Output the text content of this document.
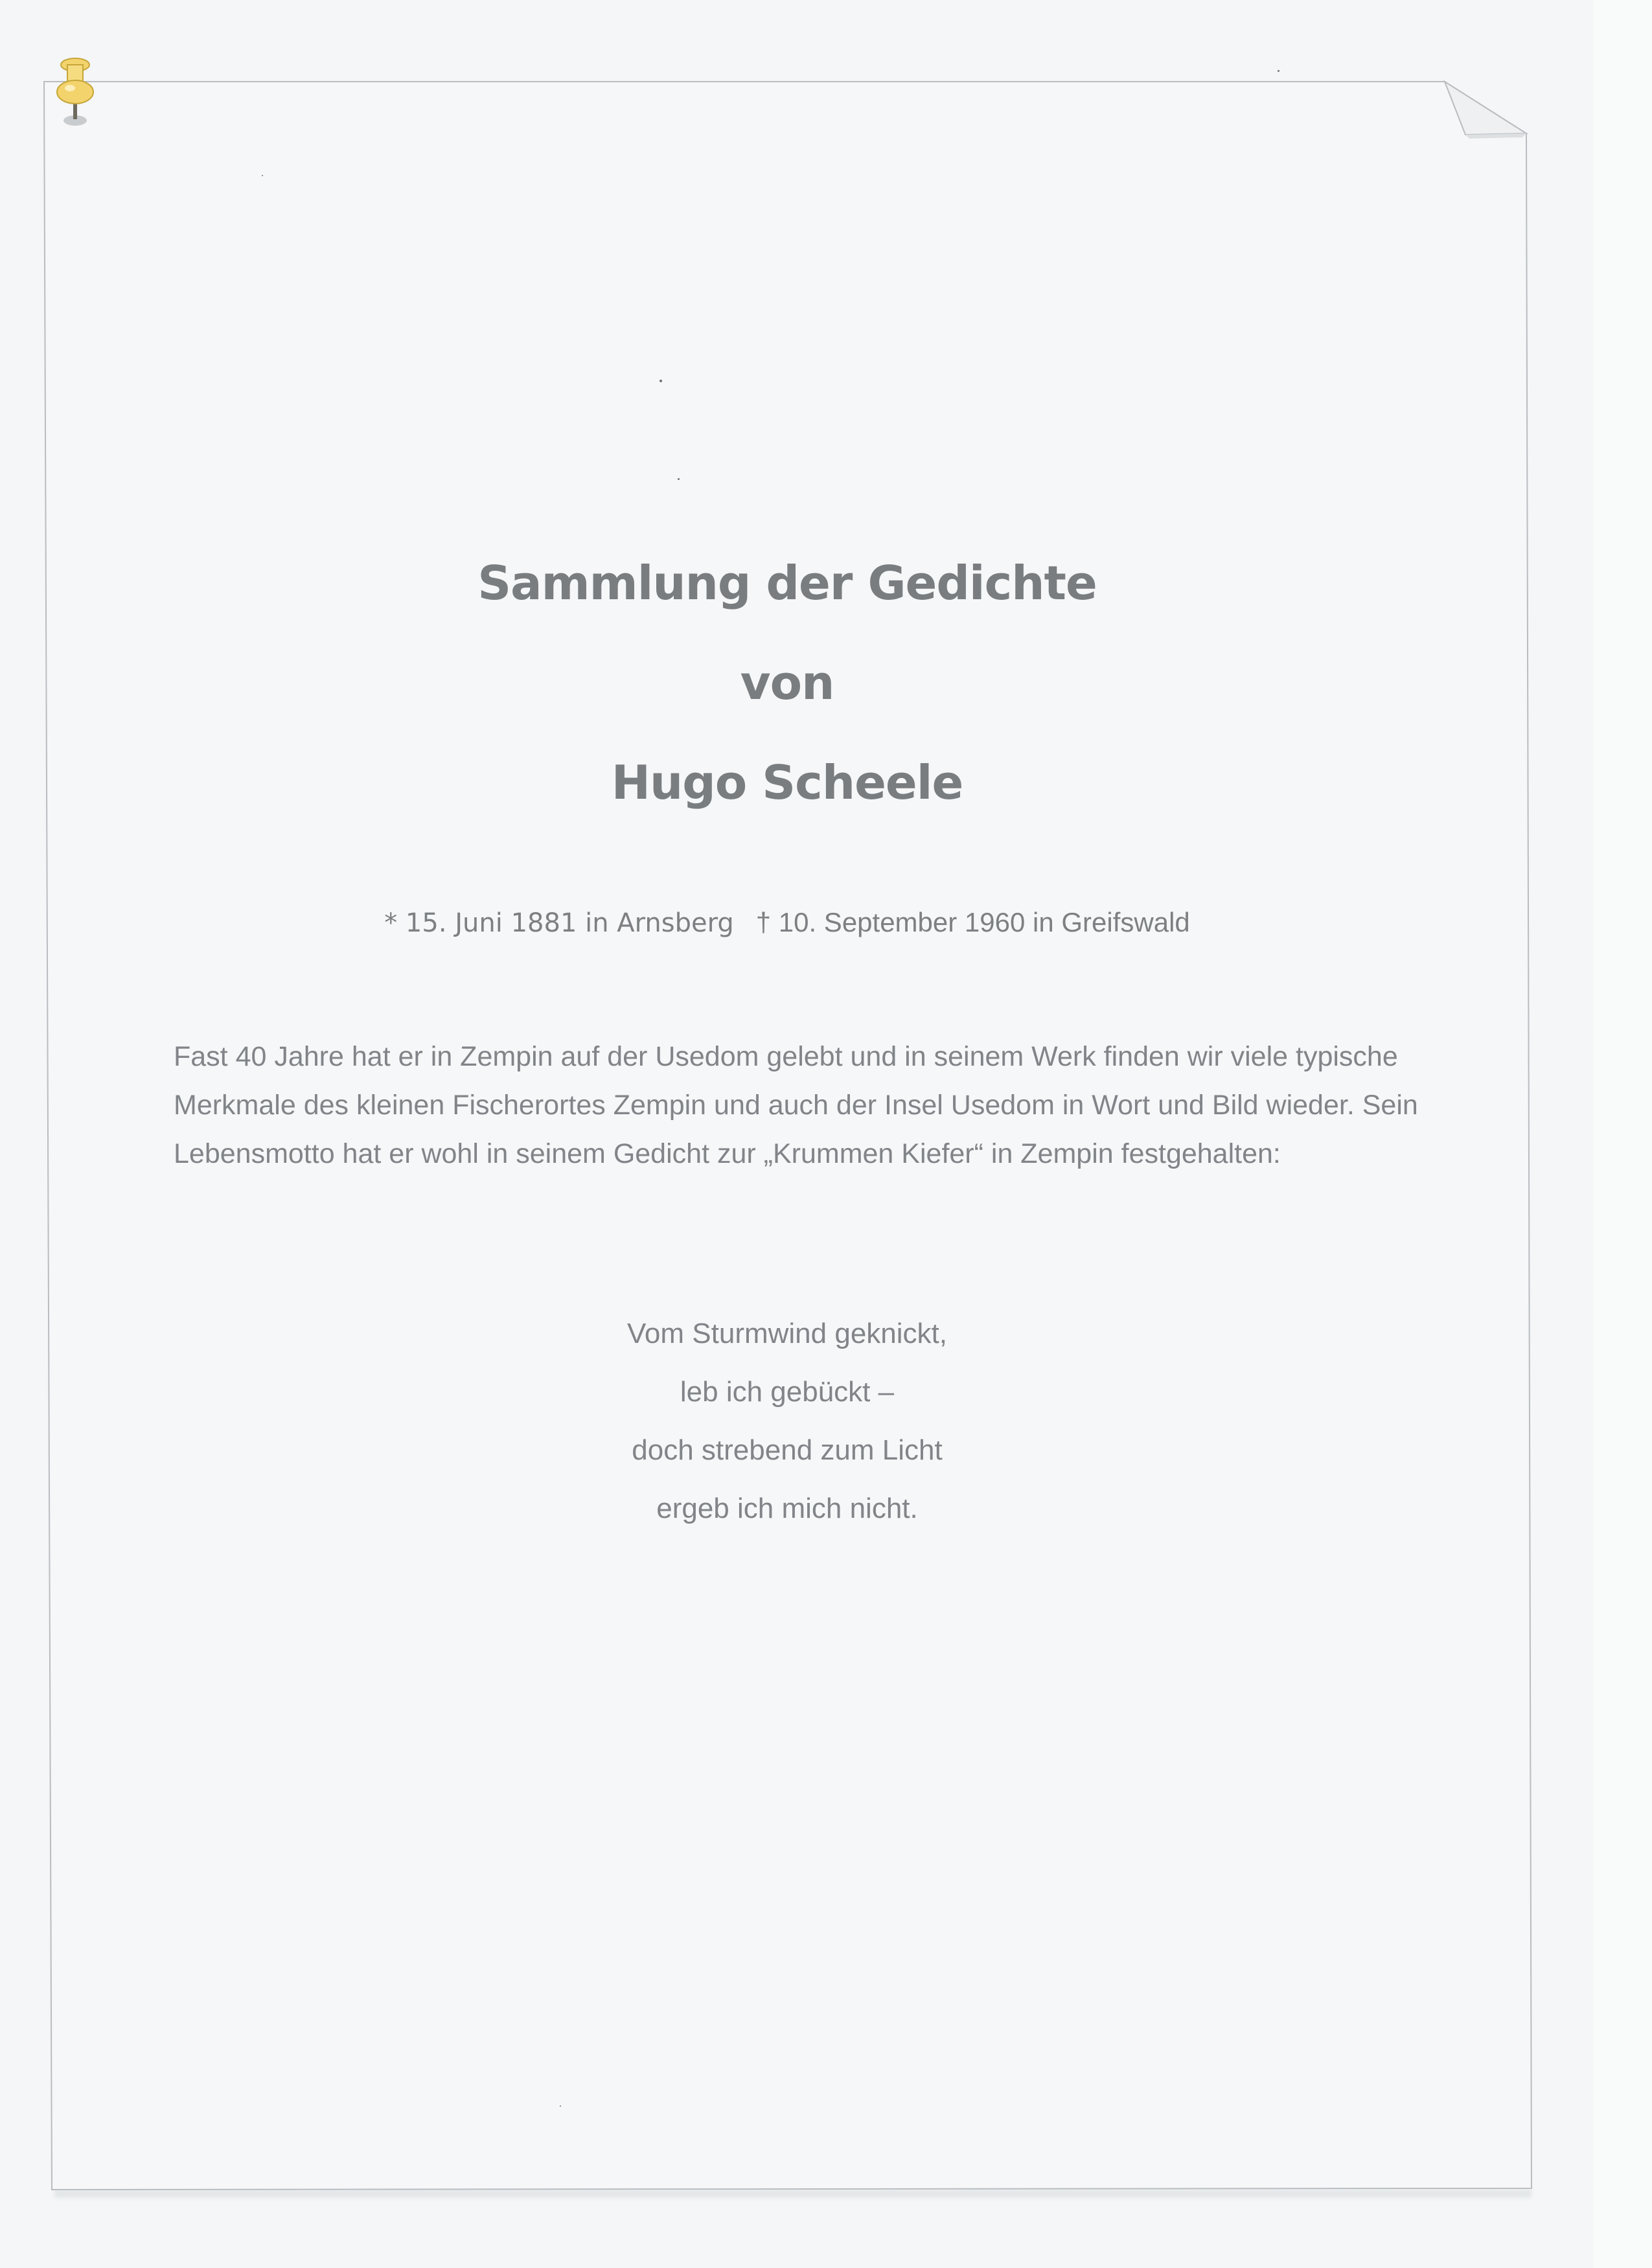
Sammlung der Gedichte
von
Hugo Scheele
* 15. Juni 1881 in Arnsberg † 10. September 1960 in Greifswald

Fast 40 Jahre hat er in Zempin auf der Usedom gelebt und in seinem Werk finden wir viele typische Merkmale des kleinen Fischerortes Zempin und auch der Insel Usedom in Wort und Bild wieder. Sein Lebensmotto hat er wohl in seinem Gedicht zur „Krummen Kiefer“ in Zempin festgehalten:

Vom Sturmwind geknickt,
leb ich gebückt –
doch strebend zum Licht
ergeb ich mich nicht.
